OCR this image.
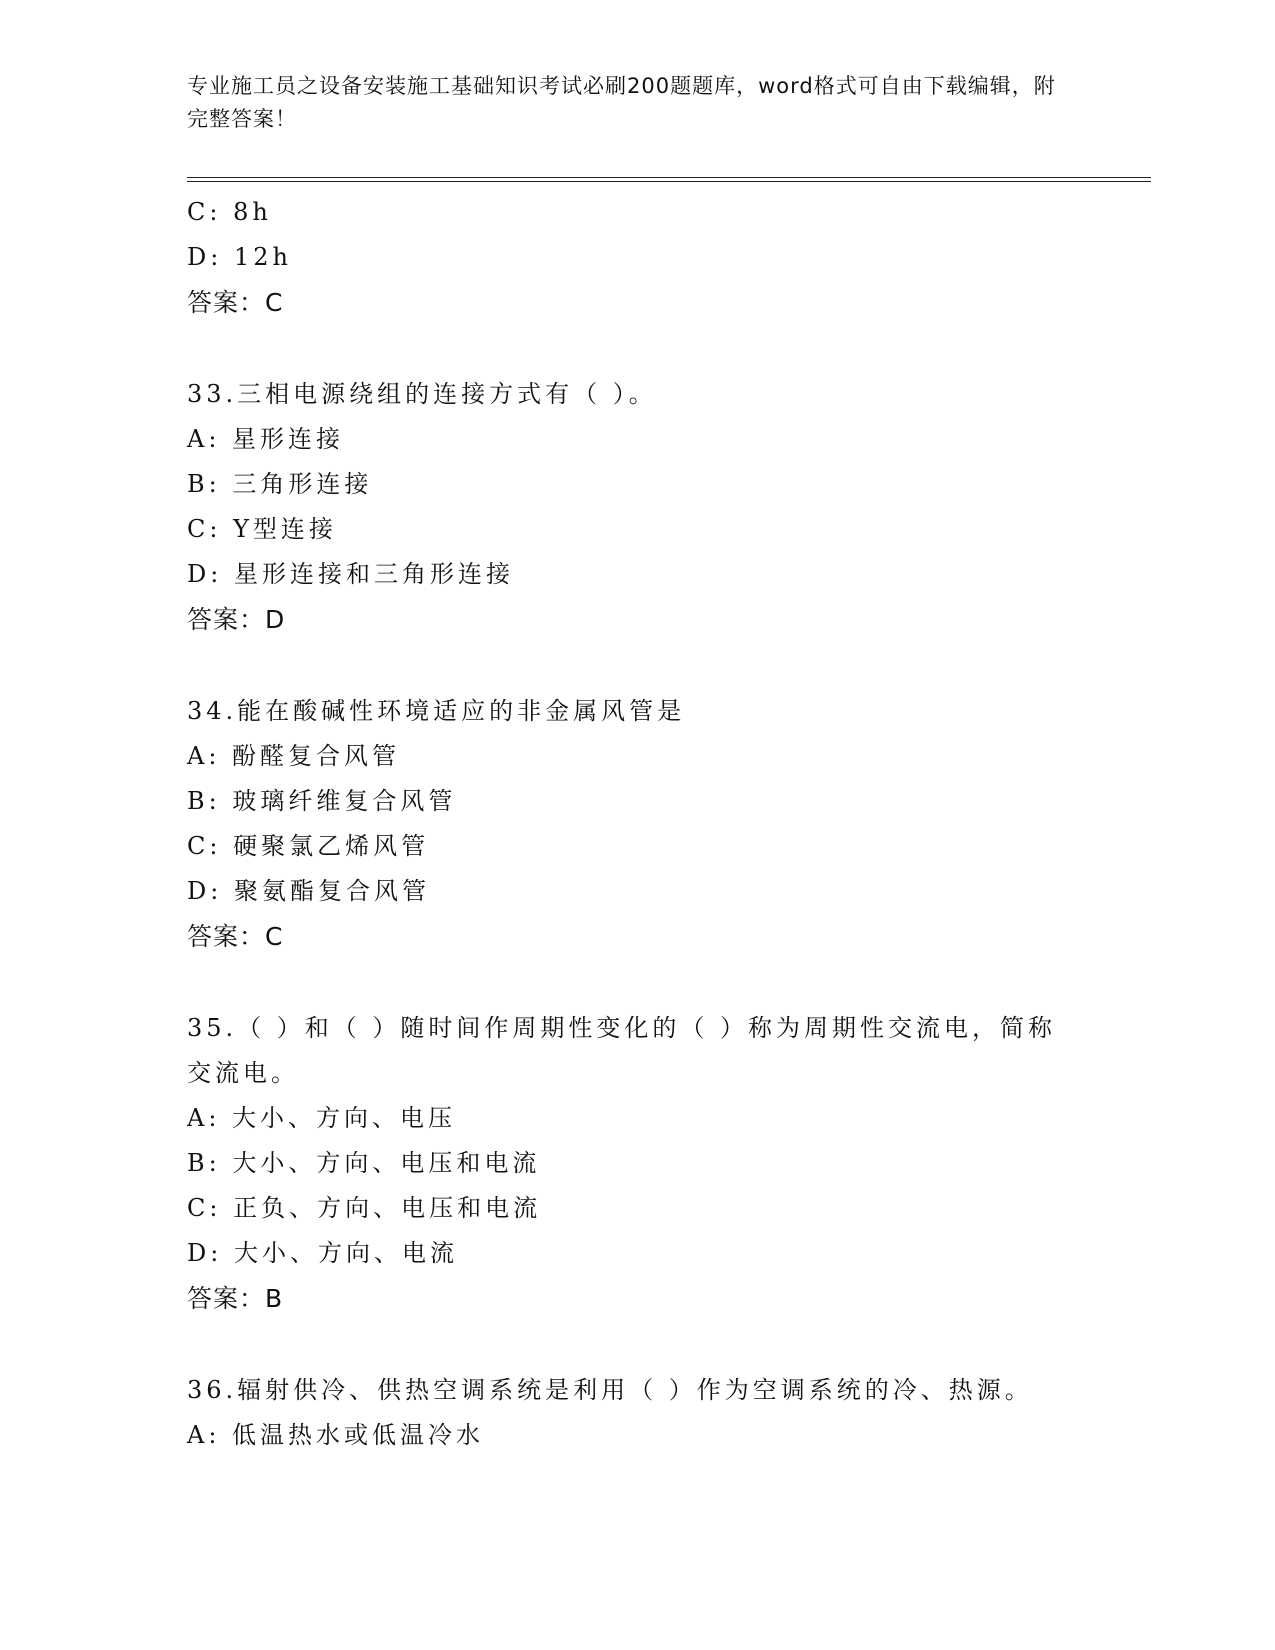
专业施工员之设备安装施工基础知识考试必刷200题题库，word格式可自由下载编辑，附完整答案！
C: 8h
D: 12h
答案：C
33.三相电源绕组的连接方式有（ ）。
A: 星形连接
B: 三角形连接
C: Y型连接
D: 星形连接和三角形连接
答案：D
34.能在酸碱性环境适应的非金属风管是
A: 酚醛复合风管
B: 玻璃纤维复合风管
C: 硬聚氯乙烯风管
D: 聚氨酯复合风管
答案：C
35.（ ）和（ ）随时间作周期性变化的（ ）称为周期性交流电，简称交流电。
A: 大小、方向、电压
B: 大小、方向、电压和电流
C: 正负、方向、电压和电流
D: 大小、方向、电流
答案：B
36.辐射供冷、供热空调系统是利用（ ）作为空调系统的冷、热源。
A: 低温热水或低温冷水
